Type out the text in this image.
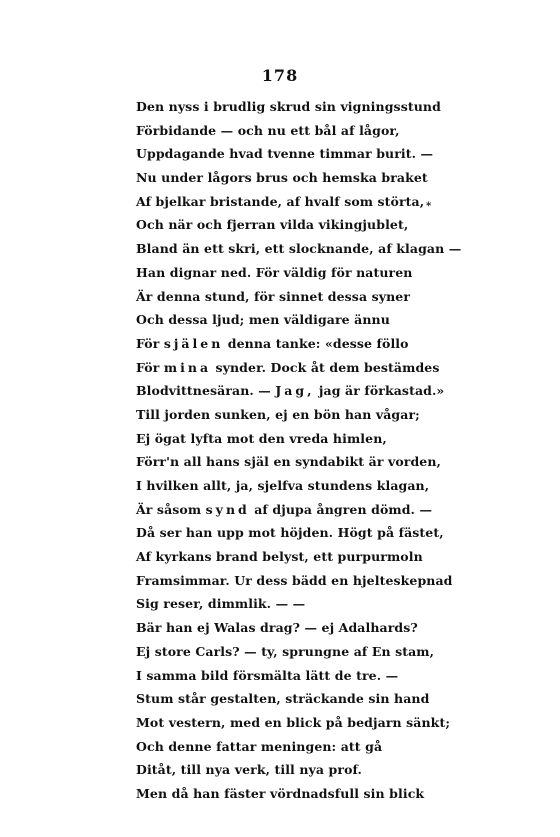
178
*
Den nyss i brudlig skrud sin vigningsstund
Förbidande — och nu ett bål af lågor,
Uppdagande hvad tvenne timmar burit. —
Nu under lågors brus och hemska braket
Af bjelkar bristande, af hvalf som störta,
Och när och fjerran vilda vikingjublet,
Bland än ett skri, ett slocknande, af klagan —
Han dignar ned. För väldig för naturen
Är denna stund, för sinnet dessa syner
Och dessa ljud; men väldigare ännu
För själen denna tanke: «desse föllo
För mina synder. Dock åt dem bestämdes
Blodvittnesäran. — Jag, jag är förkastad.»
Till jorden sunken, ej en bön han vågar;
Ej ögat lyfta mot den vreda himlen,
Förr'n all hans själ en syndabikt är vorden,
I hvilken allt, ja, sjelfva stundens klagan,
Är såsom synd af djupa ångren dömd. —
Då ser han upp mot höjden. Högt på fästet,
Af kyrkans brand belyst, ett purpurmoln
Framsimmar. Ur dess bädd en hjelteskepnad
Sig reser, dimmlik. — —
Bär han ej Walas drag? — ej Adalhards?
Ej store Carls? — ty, sprungne af En stam,
I samma bild försmälta lätt de tre. —
Stum står gestalten, sträckande sin hand
Mot vestern, med en blick på bedjarn sänkt;
Och denne fattar meningen: att gå
Ditåt, till nya verk, till nya prof.
Men då han fäster vördnadsfull sin blick
